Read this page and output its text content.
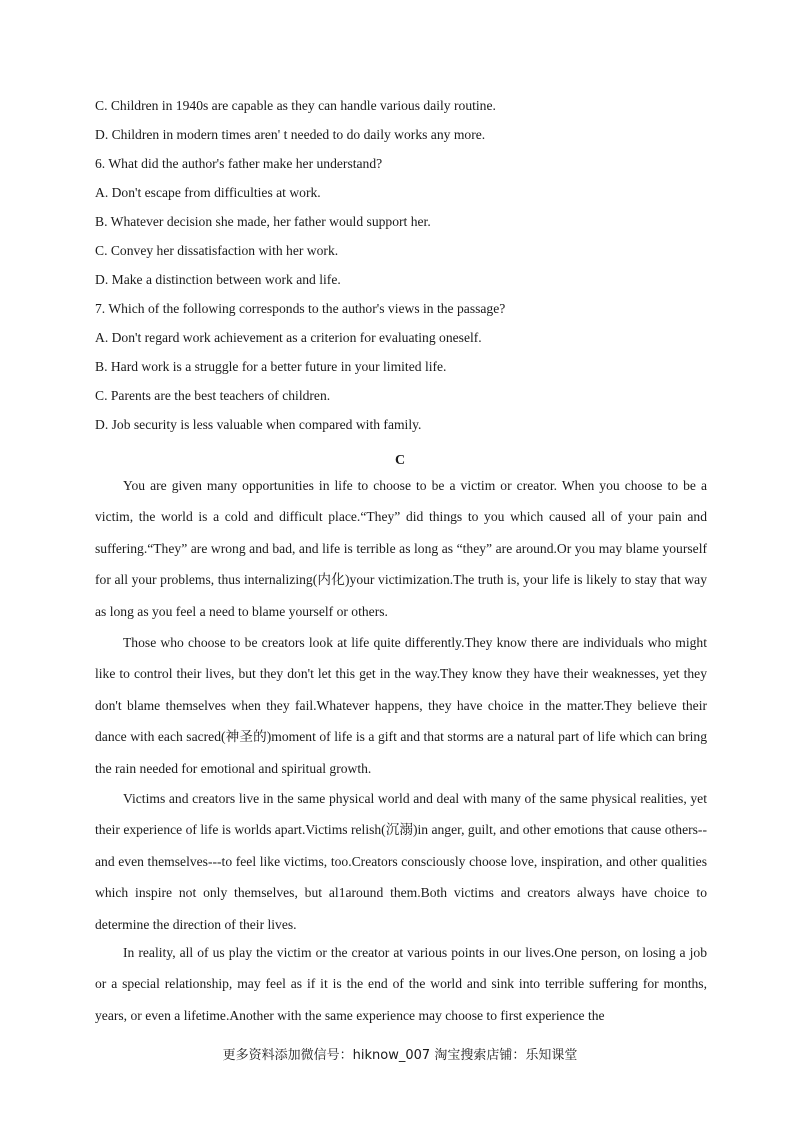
C. Children in 1940s are capable as they can handle various daily routine.
D. Children in modern times aren' t needed to do daily works any more.
6. What did the author's father make her understand?
A. Don't escape from difficulties at work.
B. Whatever decision she made, her father would support her.
C. Convey her dissatisfaction with her work.
D. Make a distinction between work and life.
7. Which of the following corresponds to the author's views in the passage?
A. Don't regard work achievement as a criterion for evaluating oneself.
B. Hard work is a struggle for a better future in your limited life.
C. Parents are the best teachers of children.
D. Job security is less valuable when compared with family.
C

You are given many opportunities in life to choose to be a victim or creator. When you choose to be a victim, the world is a cold and difficult place.“They” did things to you which caused all of your pain and suffering.“They” are wrong and bad, and life is terrible as long as “they” are around.Or you may blame yourself for all your problems, thus internalizing(内化)your victimization.The truth is, your life is likely to stay that way as long as you feel a need to blame yourself or others.

Those who choose to be creators look at life quite differently.They know there are individuals who might like to control their lives, but they don't let this get in the way.They know they have their weaknesses, yet they don't blame themselves when they fail.Whatever happens, they have choice in the matter.They believe their dance with each sacred(神圣的)moment of life is a gift and that storms are a natural part of life which can bring the rain needed for emotional and spiritual growth.

Victims and creators live in the same physical world and deal with many of the same physical realities, yet their experience of life is worlds apart.Victims relish(沉溺)in anger, guilt, and other emotions that cause others--and even themselves---to feel like victims, too.Creators consciously choose love, inspiration, and other qualities which inspire not only themselves, but al1around them.Both victims and creators always have choice to determine the direction of their lives.

In reality, all of us play the victim or the creator at various points in our lives.One person, on losing a job or a special relationship, may feel as if it is the end of the world and sink into terrible suffering for months, years, or even a lifetime.Another with the same experience may choose to first experience the

更多资料添加微信号：hiknow_007 淘宝搜索店铺：乐知课堂
